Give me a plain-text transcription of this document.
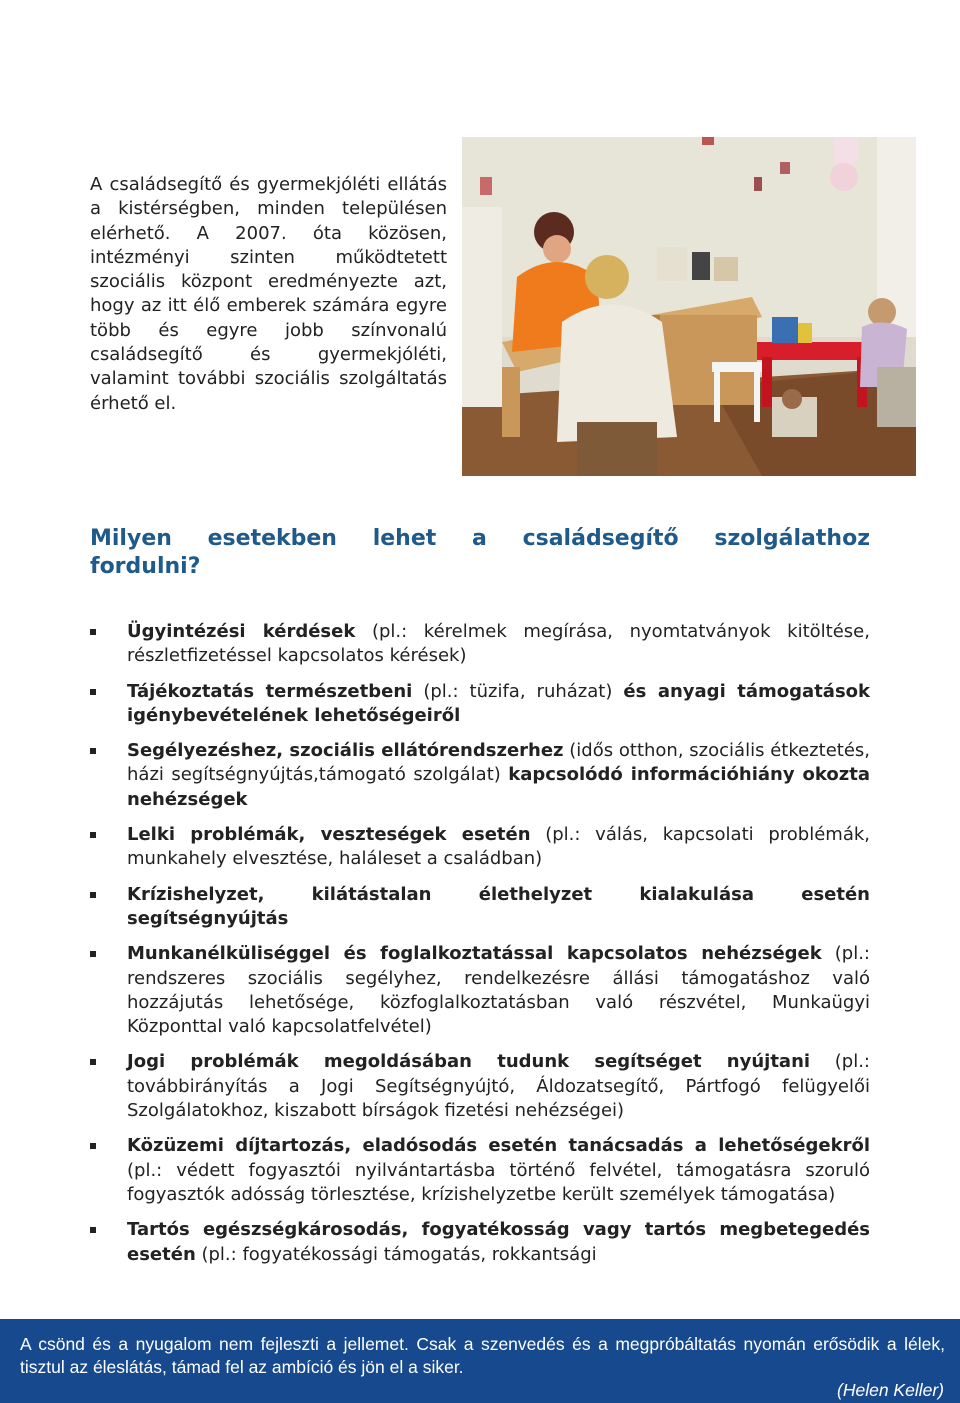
A családsegítő és gyermekjóléti ellátás a kistérségben, minden településen elérhető. A 2007. óta közösen, intézményi szinten működtetett szociális központ eredményezte azt, hogy az itt élő emberek számára egyre több és egyre jobb színvonalú családsegítő és gyermekjóléti, valamint további szociális szolgáltatás érhető el.

Milyen esetekben lehet a családsegítő szolgálathoz fordulni?
Ügyintézési kérdések (pl.: kérelmek megírása, nyomtatványok kitöltése, részletfizetéssel kapcsolatos kérések)
Tájékoztatás természetbeni (pl.: tüzifa, ruházat) és anyagi támogatások igénybevételének lehetőségeiről
Segélyezéshez, szociális ellátórendszerhez (idős otthon, szociális étkeztetés, házi segítségnyújtás,támogató szolgálat) kapcsolódó információhiány okozta nehézségek
Lelki problémák, veszteségek esetén (pl.: válás, kapcsolati problémák, munkahely elvesztése, haláleset a családban)
Krízishelyzet, kilátástalan élethelyzet kialakulása esetén segítségnyújtás
Munkanélküliséggel és foglalkoztatással kapcsolatos nehézségek (pl.: rendszeres szociális segélyhez, rendelkezésre állási támogatáshoz való hozzájutás lehetősége, közfoglalkoztatásban való részvétel, Munkaügyi Központtal való kapcsolatfelvétel)
Jogi problémák megoldásában tudunk segítséget nyújtani (pl.: továbbirányítás a Jogi Segítségnyújtó, Áldozatsegítő, Pártfogó felügyelői Szolgálatokhoz, kiszabott bírságok fizetési nehézségei)
Közüzemi díjtartozás, eladósodás esetén tanácsadás a lehetőségekről (pl.: védett fogyasztói nyilvántartásba történő felvétel, támogatásra szoruló fogyasztók adósság törlesztése, krízishelyzetbe került személyek támogatása)
Tartós egészségkárosodás, fogyatékosság vagy tartós megbetegedés esetén (pl.: fogyatékossági támogatás, rokkantsági

A csönd és a nyugalom nem fejleszti a jellemet. Csak a szenvedés és a megpróbáltatás nyomán erősödik a lélek, tisztul az éleslátás, támad fel az ambíció és jön el a siker.

(Helen Keller)
